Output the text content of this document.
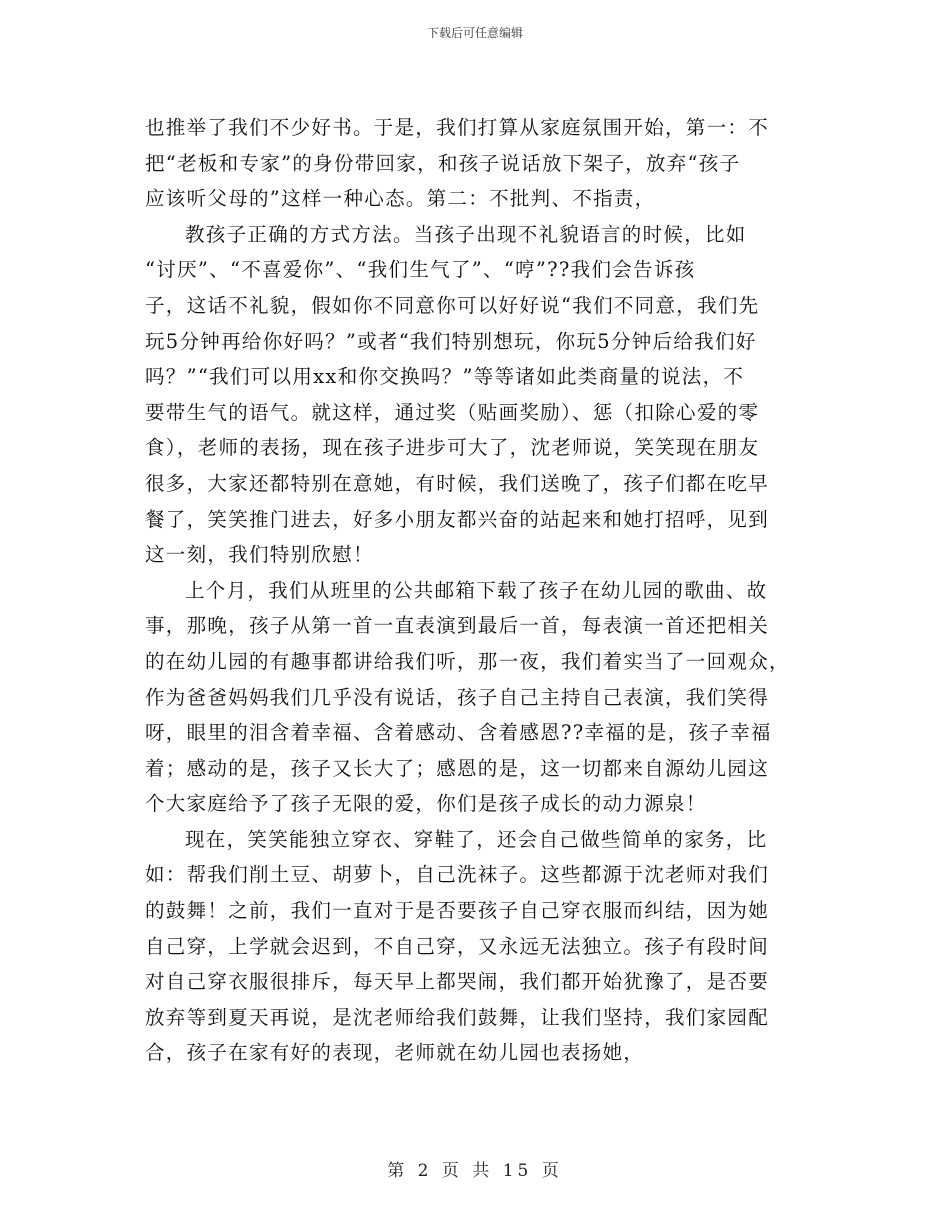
下载后可任意编辑
也推举了我们不少好书。于是，我们打算从家庭氛围开始，第一：不
把“老板和专家”的身份带回家，和孩子说话放下架子，放弃“孩子
应该听父母的”这样一种心态。第二：不批判、不指责，
教孩子正确的方式方法。当孩子出现不礼貌语言的时候，比如
“讨厌”、“不喜爱你”、“我们生气了”、“哼”??我们会告诉孩
子，这话不礼貌，假如你不同意你可以好好说“我们不同意，我们先
玩5分钟再给你好吗？”或者“我们特别想玩，你玩5分钟后给我们好
吗？”“我们可以用xx和你交换吗？”等等诸如此类商量的说法，不
要带生气的语气。就这样，通过奖（贴画奖励）、惩（扣除心爱的零
食），老师的表扬，现在孩子进步可大了，沈老师说，笑笑现在朋友
很多，大家还都特别在意她，有时候，我们送晚了，孩子们都在吃早
餐了，笑笑推门进去，好多小朋友都兴奋的站起来和她打招呼，见到
这一刻，我们特别欣慰！
上个月，我们从班里的公共邮箱下载了孩子在幼儿园的歌曲、故
事，那晚，孩子从第一首一直表演到最后一首，每表演一首还把相关
的在幼儿园的有趣事都讲给我们听，那一夜，我们着实当了一回观众，
作为爸爸妈妈我们几乎没有说话，孩子自己主持自己表演，我们笑得
呀，眼里的泪含着幸福、含着感动、含着感恩??幸福的是，孩子幸福
着；感动的是，孩子又长大了；感恩的是，这一切都来自源幼儿园这
个大家庭给予了孩子无限的爱，你们是孩子成长的动力源泉！
现在，笑笑能独立穿衣、穿鞋了，还会自己做些简单的家务，比
如：帮我们削土豆、胡萝卜，自己洗袜子。这些都源于沈老师对我们
的鼓舞！之前，我们一直对于是否要孩子自己穿衣服而纠结，因为她
自己穿，上学就会迟到，不自己穿，又永远无法独立。孩子有段时间
对自己穿衣服很排斥，每天早上都哭闹，我们都开始犹豫了，是否要
放弃等到夏天再说，是沈老师给我们鼓舞，让我们坚持，我们家园配
合，孩子在家有好的表现，老师就在幼儿园也表扬她，
第 2 页 共 15 页
